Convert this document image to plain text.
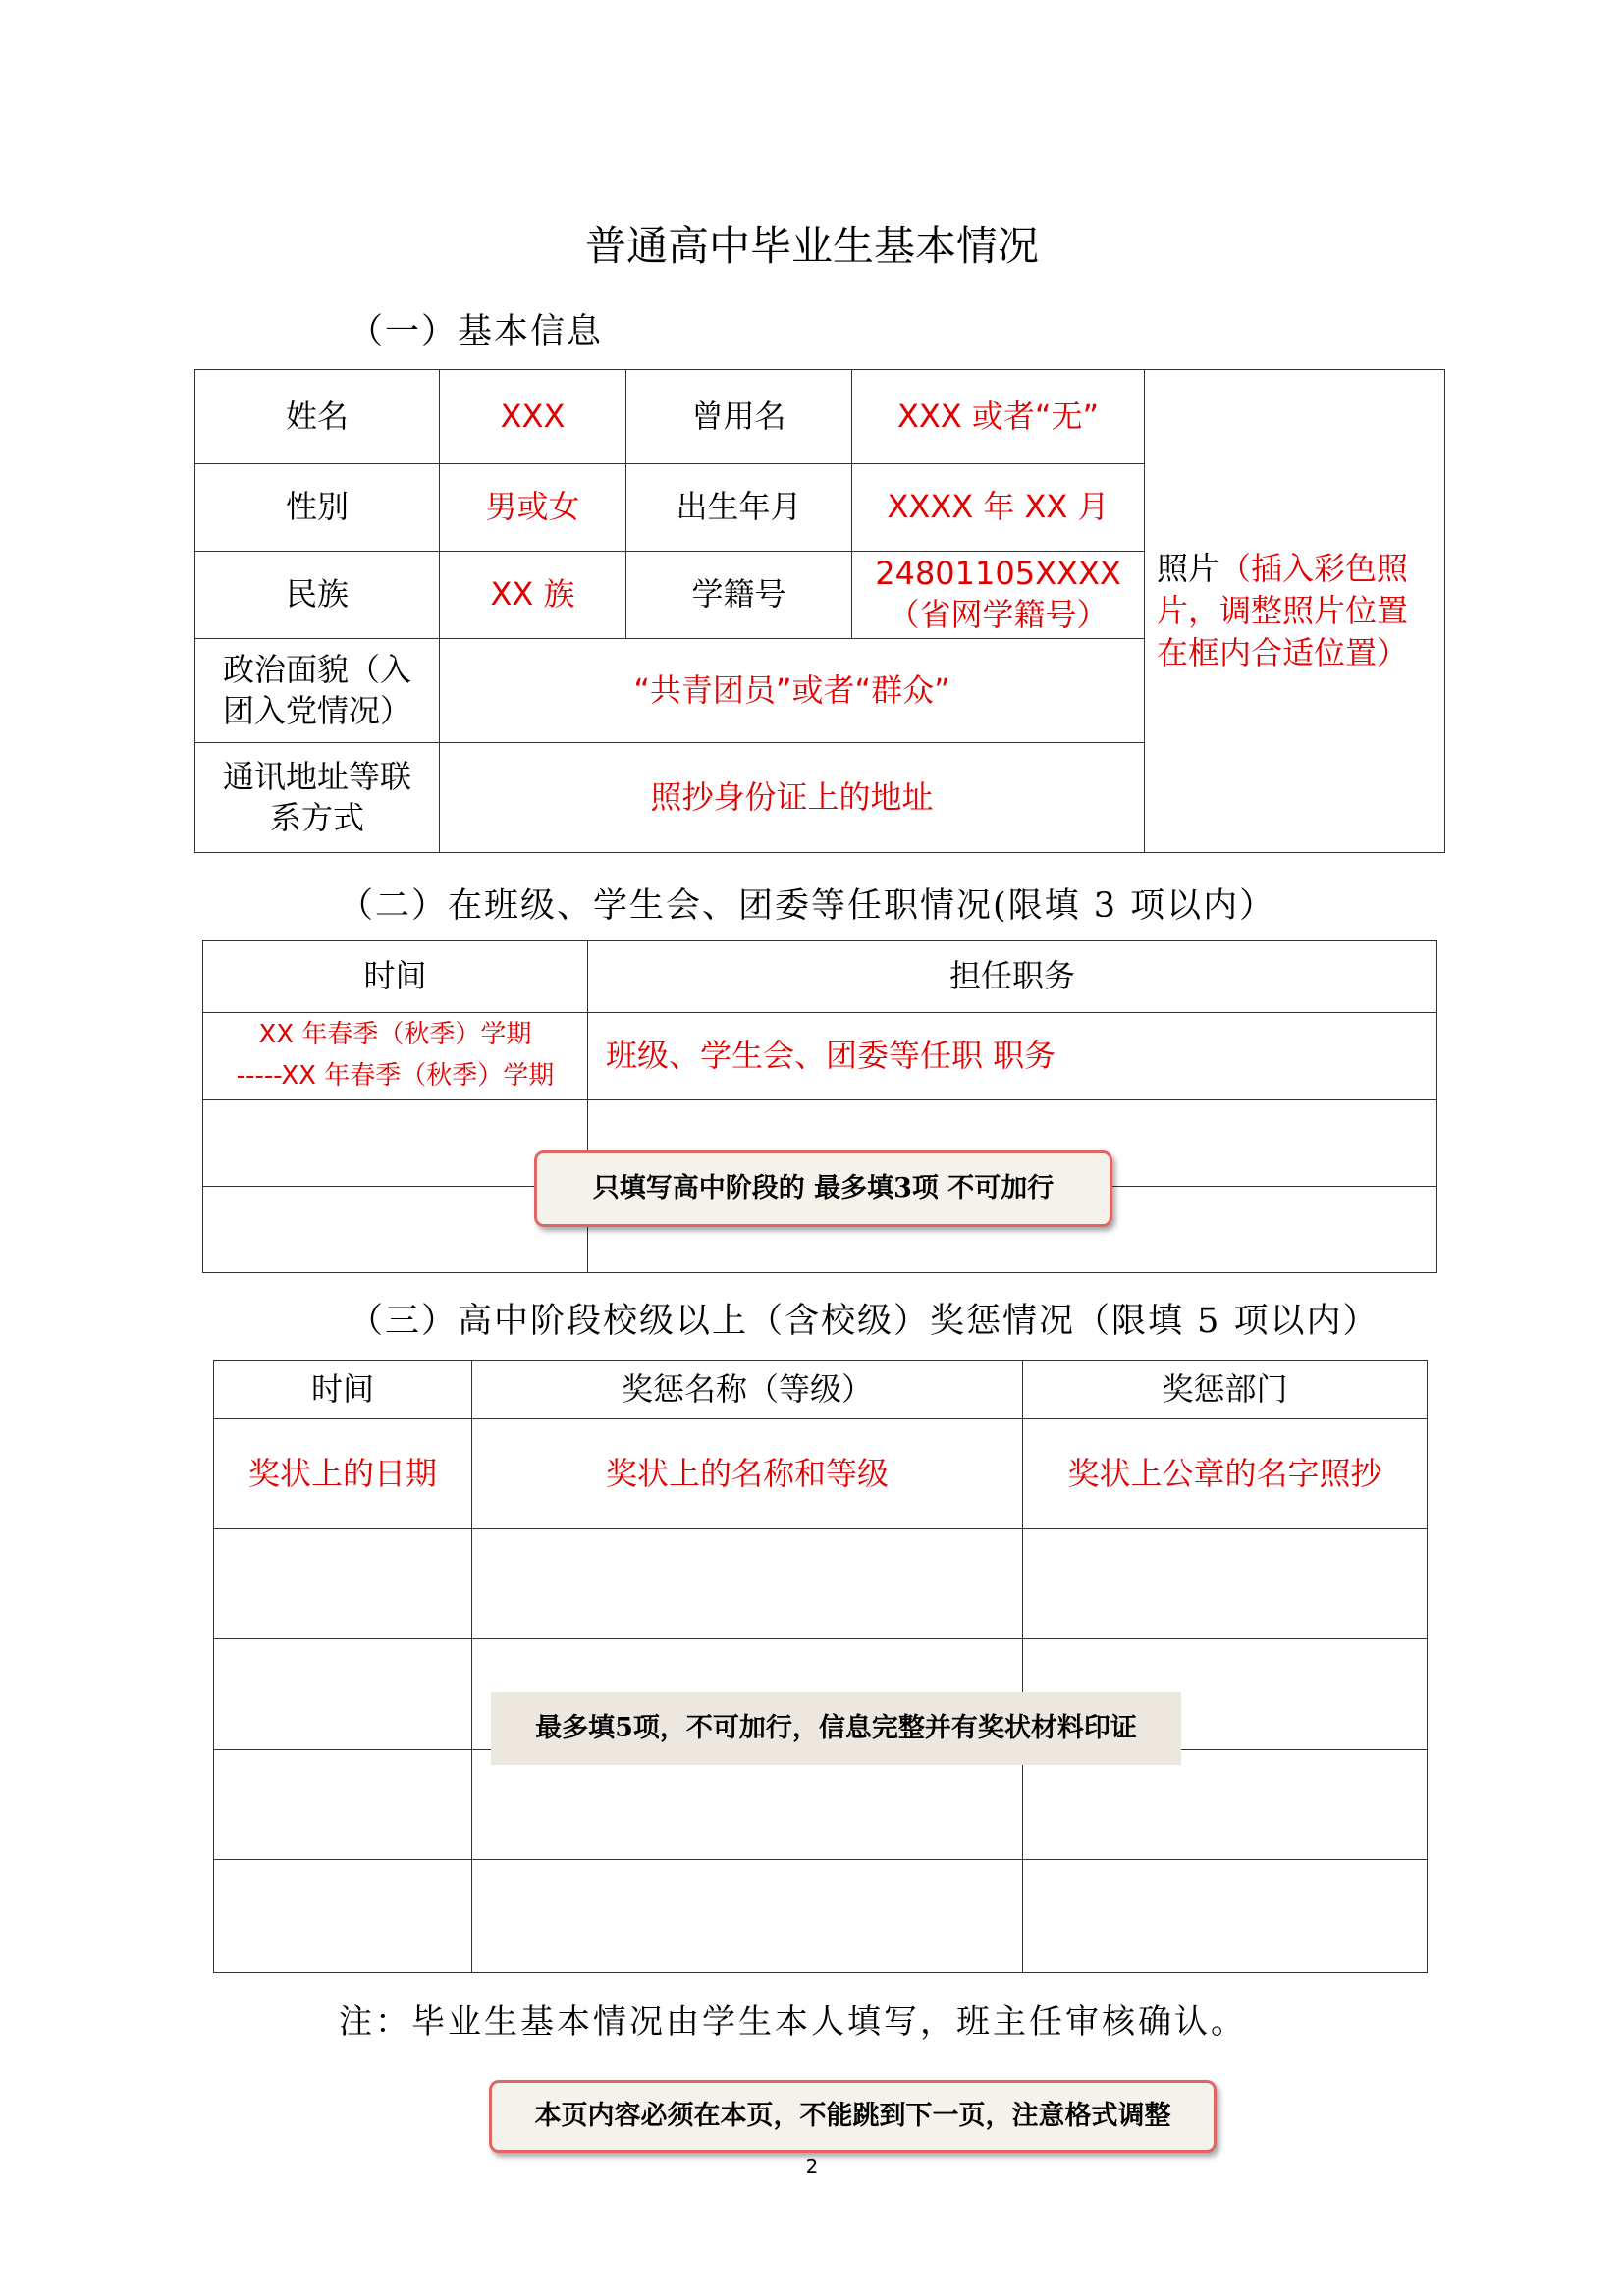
普通高中毕业生基本情况
（一）基本信息
姓名	XXX	曾用名	XXX 或者“无”	照片（插入彩色照片，调整照片位置在框内合适位置）
性别	男或女	出生年月	XXXX 年 XX 月	
民族	XX 族	学籍号	24801105XXXX（省网学籍号）	
政治面貌（入团入党情况）	“共青团员”或者“群众”			
通讯地址等联系方式	照抄身份证上的地址			
（二）在班级、学生会、团委等任职情况(限填 3 项以内）
时间	担任职务

XX 年春季（秋季）学期
-----XX 年春季（秋季）学期	班级、学生会、团委等任职 职务

只填写高中阶段的 最多填3项 不可加行
（三）高中阶段校级以上（含校级）奖惩情况（限填 5 项以内）
时间	奖惩名称（等级）	奖惩部门
奖状上的日期	奖状上的名称和等级	奖状上公章的名字照抄

最多填5项，不可加行，信息完整并有奖状材料印证
注：毕业生基本情况由学生本人填写，班主任审核确认。
本页内容必须在本页，不能跳到下一页，注意格式调整
2
